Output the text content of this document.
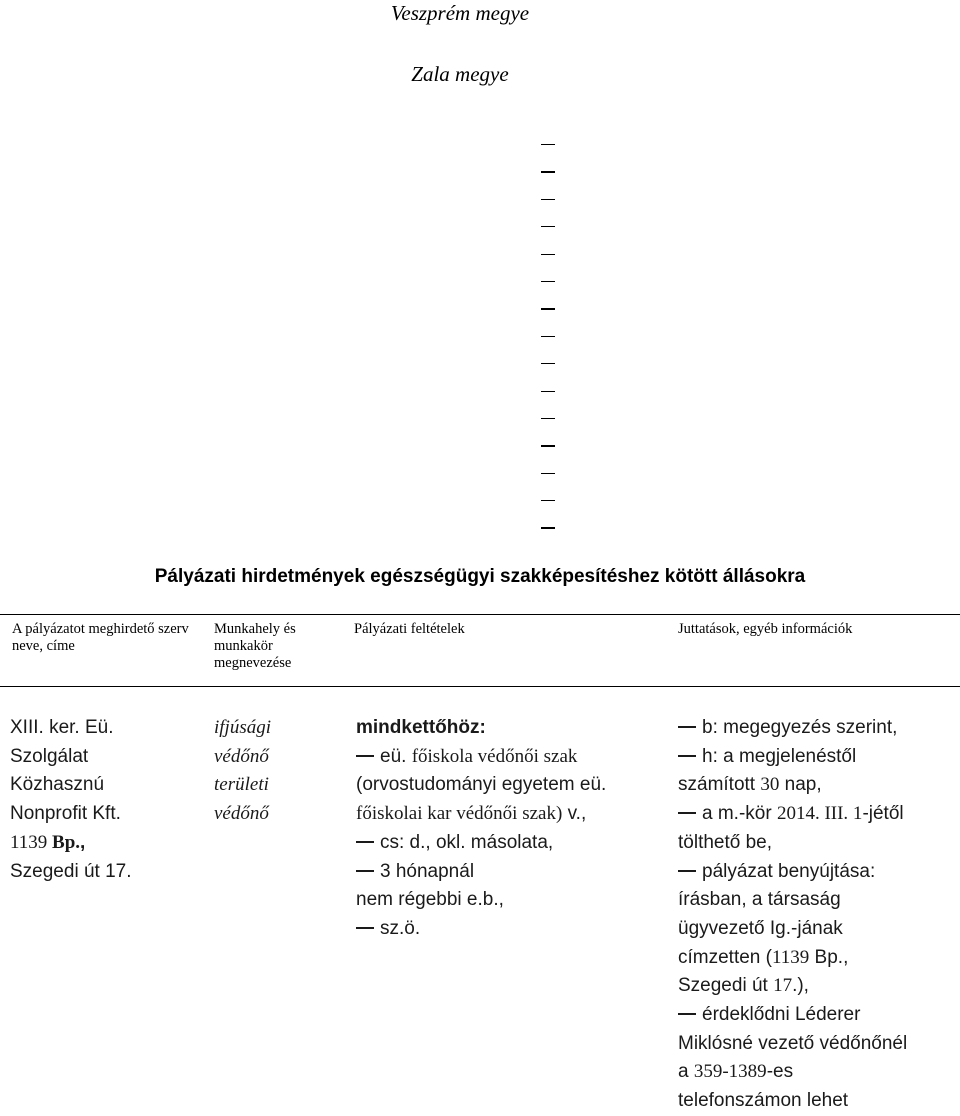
Veszprém megye
Zala megye
Pályázati hirdetmények egészségügyi szakképesítéshez kötött állásokra
A pályázatot meghirdető szerv neve, címe
Munkahely és munkakör megnevezése
Pályázati feltételek	Juttatások, egyéb információk
XIII. ker. Eü.
Szolgálat
Közhasznú
Nonprofit Kft.
1139 Bp.,
Szegedi út 17.
ifjúsági
védőnő
területi
védőnő
mindkettőhöz:
eü. főiskola védőnői szak
(orvostudományi egyetem eü.
főiskolai kar védőnői szak) v.,
cs: d., okl. másolata,
3 hónapnál
nem régebbi e.b.,
sz.ö.
b: megegyezés szerint,
h: a megjelenéstől
számított 30 nap,
a m.-kör 2014. III. 1-jétől
tölthető be,
pályázat benyújtása:
írásban, a társaság
ügyvezető Ig.-jának
címzetten (1139 Bp.,
Szegedi út 17.),
érdeklődni Léderer
Miklósné vezető védőnőnél
a 359-1389-es
telefonszámon lehet
